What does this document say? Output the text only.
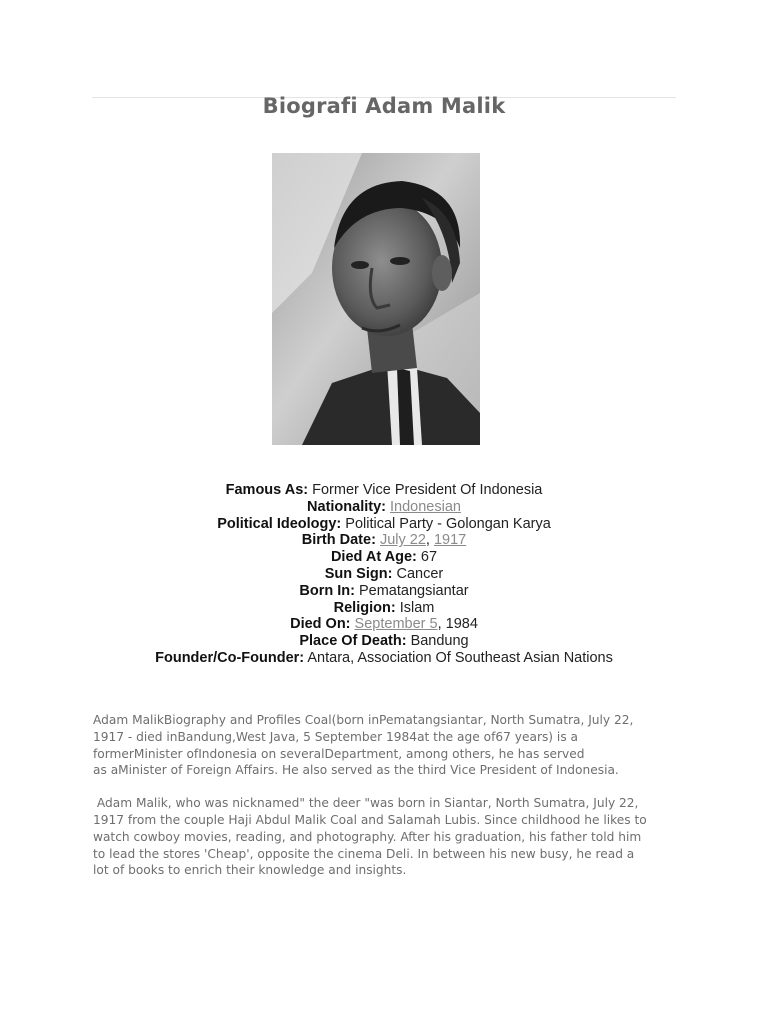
Biografi Adam Malik
Famous As: Former Vice President Of Indonesia
Nationality: Indonesian
Political Ideology: Political Party - Golongan Karya
Birth Date: July 22, 1917
Died At Age: 67
Sun Sign: Cancer
Born In: Pematangsiantar
Religion: Islam
Died On: September 5, 1984
Place Of Death: Bandung
Founder/Co-Founder: Antara, Association Of Southeast Asian Nations

Adam MalikBiography and Profiles Coal(born inPematangsiantar, North Sumatra, July 22,
1917 - died inBandung,West Java, 5 September 1984at the age of67 years) is a
formerMinister ofIndonesia on severalDepartment, among others, he has served
as aMinister of Foreign Affairs. He also served as the third Vice President of Indonesia.

Adam Malik, who was nicknamed" the deer "was born in Siantar, North Sumatra, July 22,
1917 from the couple Haji Abdul Malik Coal and Salamah Lubis. Since childhood he likes to
watch cowboy movies, reading, and photography. After his graduation, his father told him
to lead the stores 'Cheap', opposite the cinema Deli. In between his new busy, he read a
lot of books to enrich their knowledge and insights.
